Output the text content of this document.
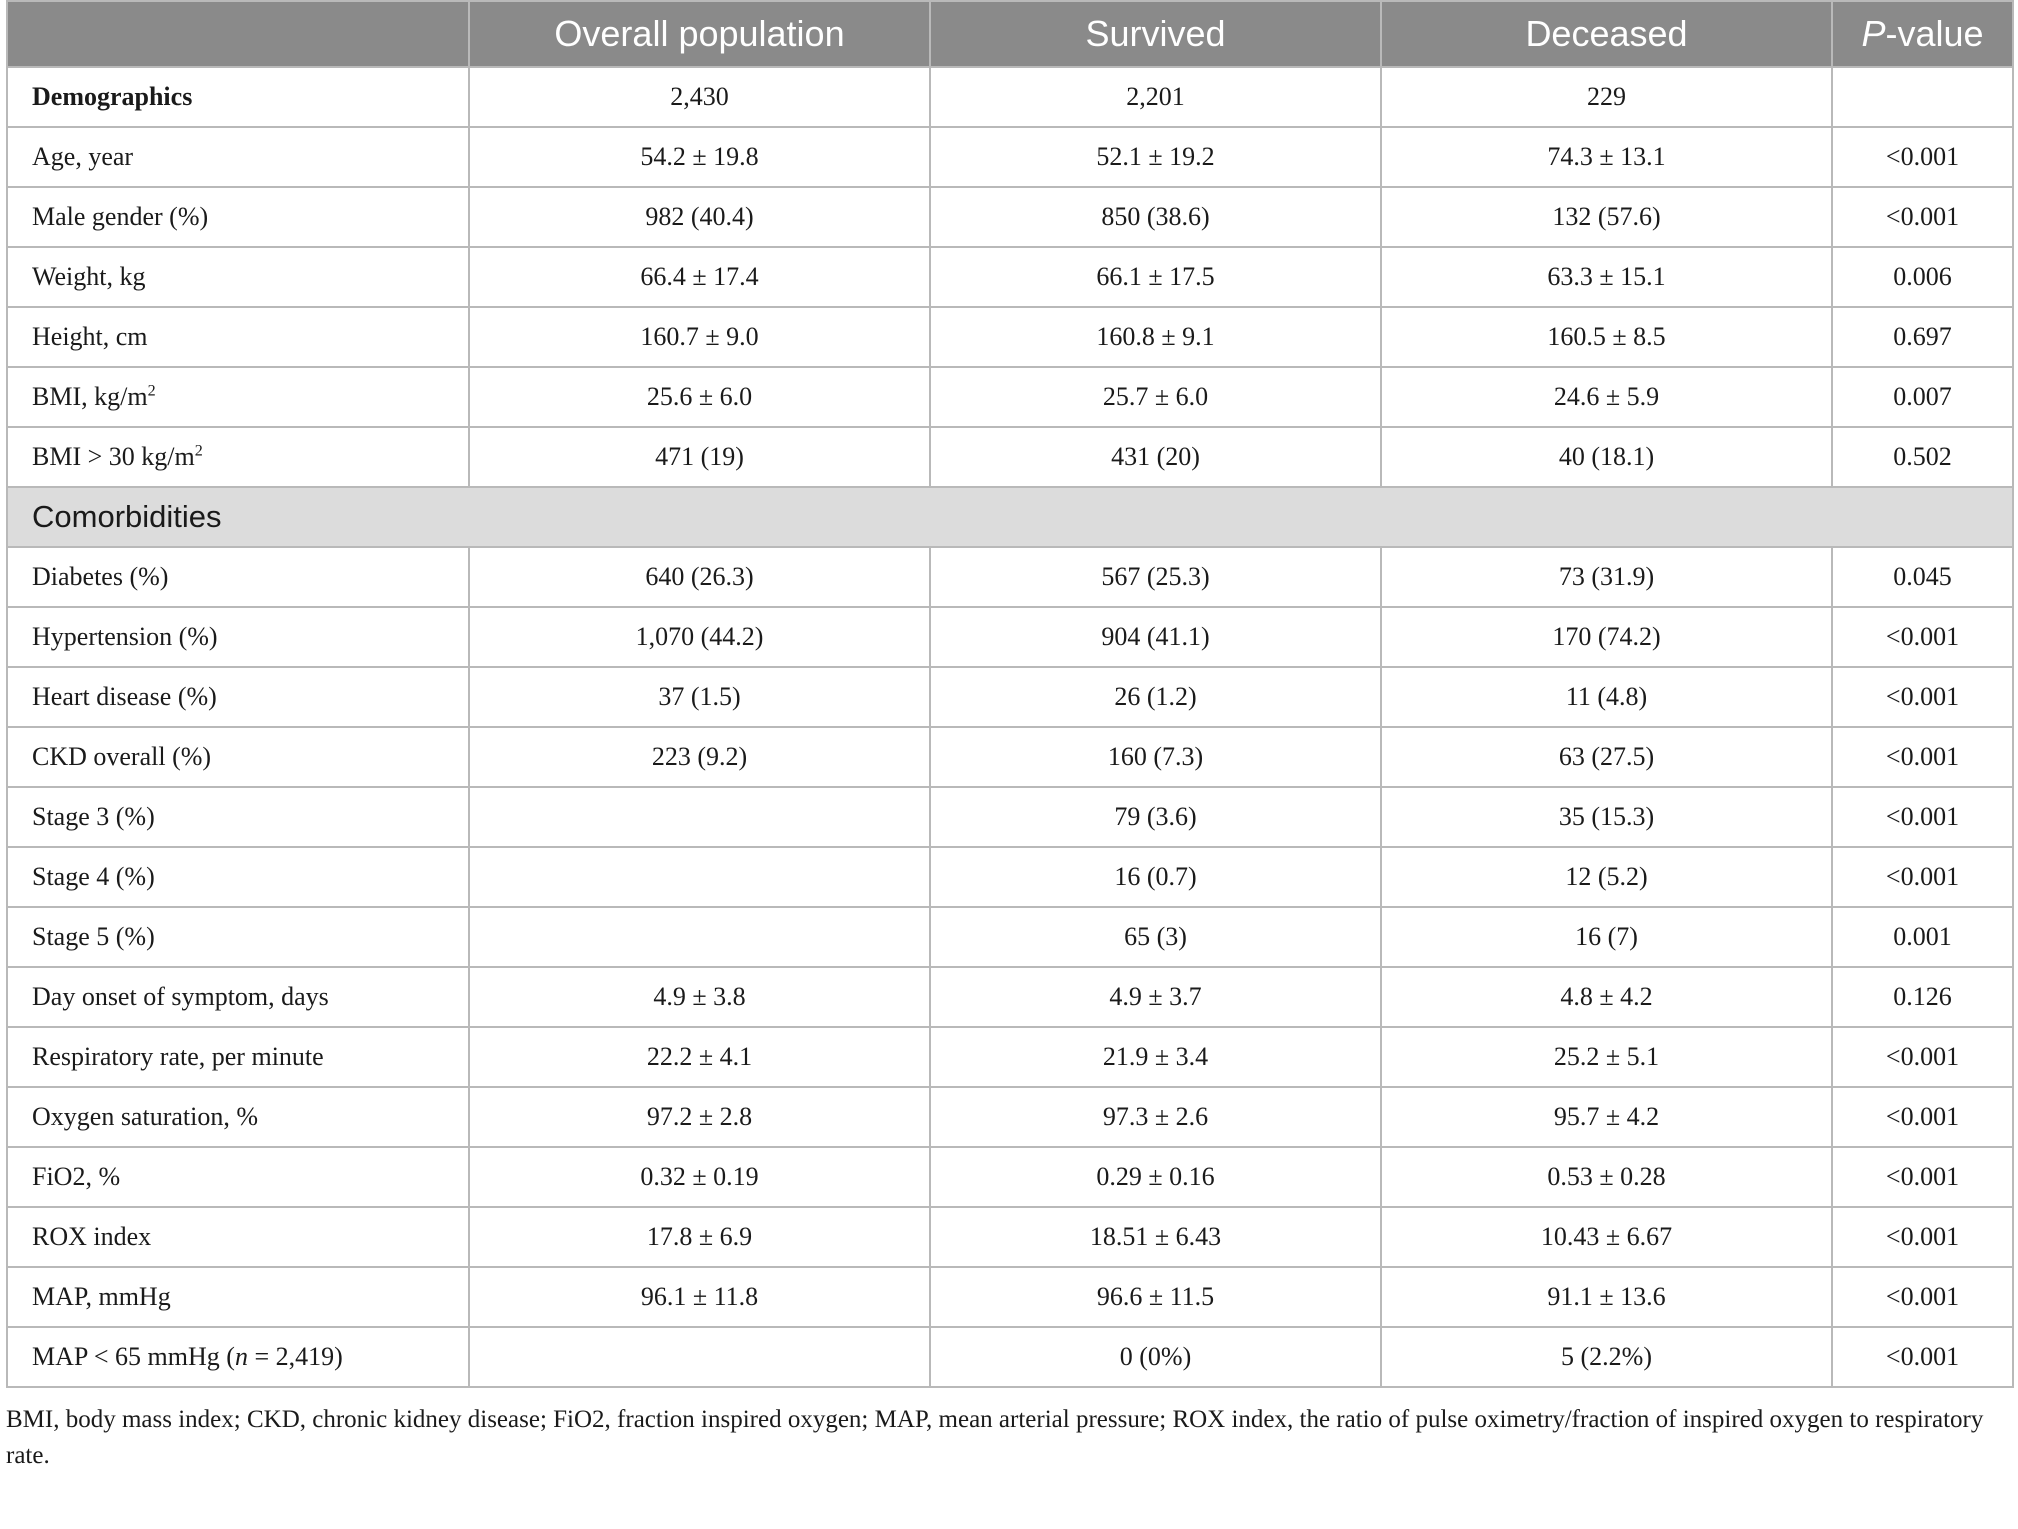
	Overall population	Survived	Deceased	P-value
Demographics	2,430	2,201	229	
Age, year	54.2 ± 19.8	52.1 ± 19.2	74.3 ± 13.1	<0.001
Male gender (%)	982 (40.4)	850 (38.6)	132 (57.6)	<0.001
Weight, kg	66.4 ± 17.4	66.1 ± 17.5	63.3 ± 15.1	0.006
Height, cm	160.7 ± 9.0	160.8 ± 9.1	160.5 ± 8.5	0.697
BMI, $kg/m^2$	25.6 ± 6.0	25.7 ± 6.0	24.6 ± 5.9	0.007
BMI > 30 $kg/m^2$	471 (19)	431 (20)	40 (18.1)	0.502
Comorbidities				
Diabetes (%)	640 (26.3)	567 (25.3)	73 (31.9)	0.045
Hypertension (%)	1,070 (44.2)	904 (41.1)	170 (74.2)	<0.001
Heart disease (%)	37 (1.5)	26 (1.2)	11 (4.8)	<0.001
CKD overall (%)	223 (9.2)	160 (7.3)	63 (27.5)	<0.001
Stage 3 (%)		79 (3.6)	35 (15.3)	<0.001
Stage 4 (%)		16 (0.7)	12 (5.2)	<0.001
Stage 5 (%)		65 (3)	16 (7)	0.001
Day onset of symptom, days	4.9 ± 3.8	4.9 ± 3.7	4.8 ± 4.2	0.126
Respiratory rate, per minute	22.2 ± 4.1	21.9 ± 3.4	25.2 ± 5.1	<0.001
Oxygen saturation, %	97.2 ± 2.8	97.3 ± 2.6	95.7 ± 4.2	<0.001
FiO2, %	0.32 ± 0.19	0.29 ± 0.16	0.53 ± 0.28	<0.001
ROX index	17.8 ± 6.9	18.51 ± 6.43	10.43 ± 6.67	<0.001
MAP, mmHg	96.1 ± 11.8	96.6 ± 11.5	91.1 ± 13.6	<0.001
MAP < 65 mmHg (n = 2,419)		0 (0%)	5 (2.2%)	<0.001
BMI, body mass index; CKD, chronic kidney disease; FiO2, fraction inspired oxygen; MAP, mean arterial pressure; ROX index, the ratio of pulse oximetry/fraction of inspired oxygen to respiratory rate.
